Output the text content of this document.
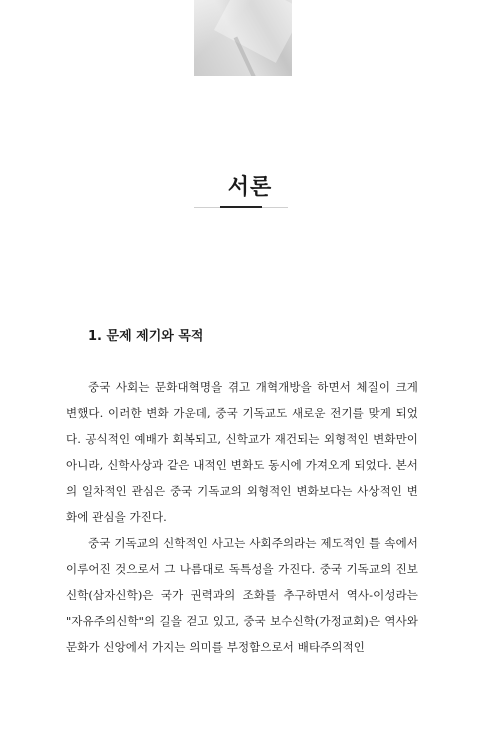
서론
1. 문제 제기와 목적

중국 사회는 문화대혁명을 겪고 개혁개방을 하면서 체질이 크게 변했다. 이러한 변화 가운데, 중국 기독교도 새로운 전기를 맞게 되었다. 공식적인 예배가 회복되고, 신학교가 재건되는 외형적인 변화만이 아니라, 신학사상과 같은 내적인 변화도 동시에 가져오게 되었다. 본서의 일차적인 관심은 중국 기독교의 외형적인 변화보다는 사상적인 변화에 관심을 가진다.

중국 기독교의 신학적인 사고는 사회주의라는 제도적인 틀 속에서 이루어진 것으로서 그 나름대로 독특성을 가진다. 중국 기독교의 진보신학(삼자신학)은 국가 권력과의 조화를 추구하면서 역사-이성라는 "자유주의신학"의 길을 걷고 있고, 중국 보수신학(가정교회)은 역사와 문화가 신앙에서 가지는 의미를 부정함으로서 배타주의적인
